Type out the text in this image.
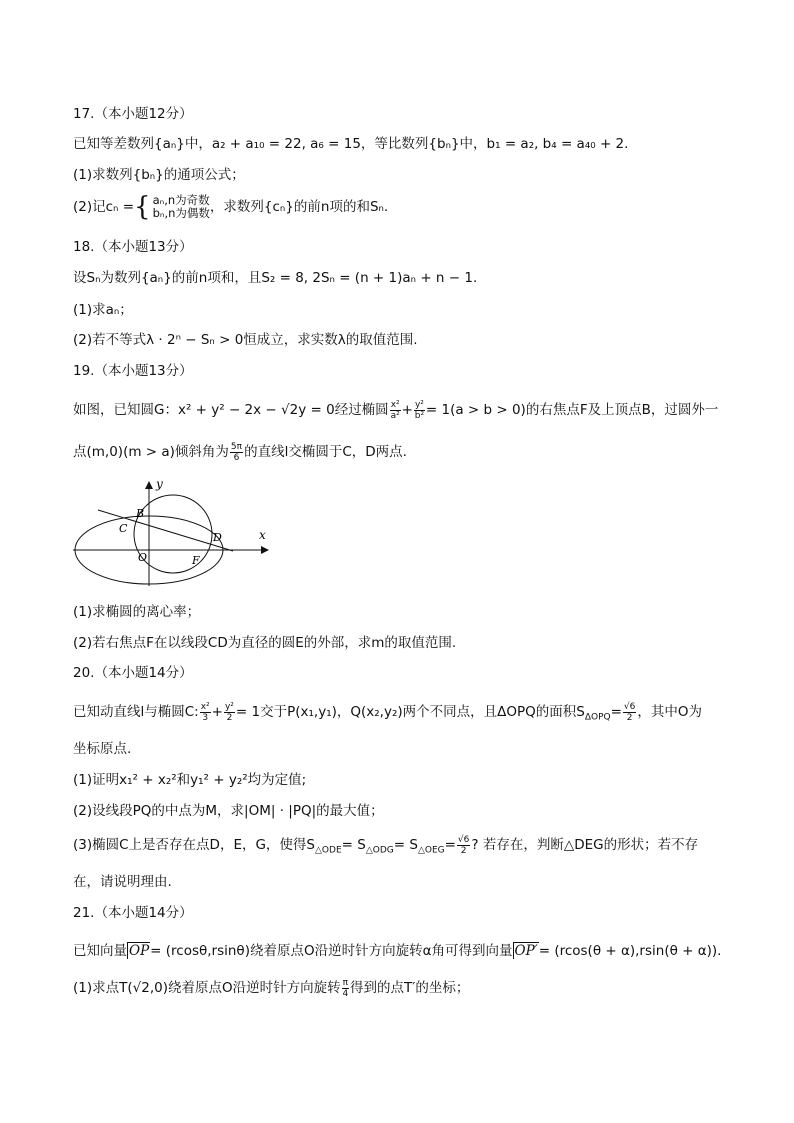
17.（本小题12分）
已知等差数列{aₙ}中，a₂ + a₁₀ = 22, a₆ = 15，等比数列{bₙ}中，b₁ = a₂, b₄ = a₄₀ + 2.
(1)求数列{bₙ}的通项公式；
(2)记cₙ ={ aₙ,n为奇数
bₙ,n为偶数 ，求数列{cₙ}的前n项的和Sₙ.
18.（本小题13分）
设Sₙ为数列{aₙ}的前n项和，且S₂ = 8, 2Sₙ = (n + 1)aₙ + n − 1.
(1)求aₙ；
(2)若不等式λ · 2ⁿ − Sₙ > 0恒成立，求实数λ的取值范围.
19.（本小题13分）
如图，已知圆G：x² + y² − 2x − √2y = 0经过椭圆 $\frac{\text{x²}}{\text{a²}} + \frac{\text{y²}}{\text{b²}} = 1(a > b > 0)$的右焦点F及上顶点B，过圆外一
点(m,0)(m > a)倾斜角为 $\frac{5\pi}{6}$ 的直线l交椭圆于C，D两点.
y
x
B
C
D
O	F
(1)求椭圆的离心率；
(2)若右焦点F在以线段CD为直径的圆E的外部，求m的取值范围.
20.（本小题14分）
已知动直线l与椭圆C: $\frac{\text{x²}}{3} + \frac{\text{y²}}{2} = 1$交于P(x₁,y₁)，Q(x₂,y₂)两个不同点，且ΔOPQ的面积$S_{\Delta OPQ}= \frac{√6}{2}$ ，其中O为
坐标原点.
(1)证明x₁² + x₂²和y₁² + y₂²均为定值;
(2)设线段PQ的中点为M，求|OM| · |PQ|的最大值；
(3)椭圆C上是否存在点D，E，G，使得$S_{\triangle ODE}= S_{\triangle ODG}= S_{\triangle OEG}= \frac{√6}{2}$ ? 若存在，判断△DEG的形状；若不存
在，请说明理由.
21.（本小题14分）
已知向量 OP= (rcosθ,rsinθ)绕着原点O沿逆时针方向旋转α角可得到向量 OP′= (rcos(θ + α),rsin(θ + α)).
(1)求点T(√2,0)绕着原点O沿逆时针方向旋转 $\frac{\pi}{4}$ 得到的点T′的坐标；
